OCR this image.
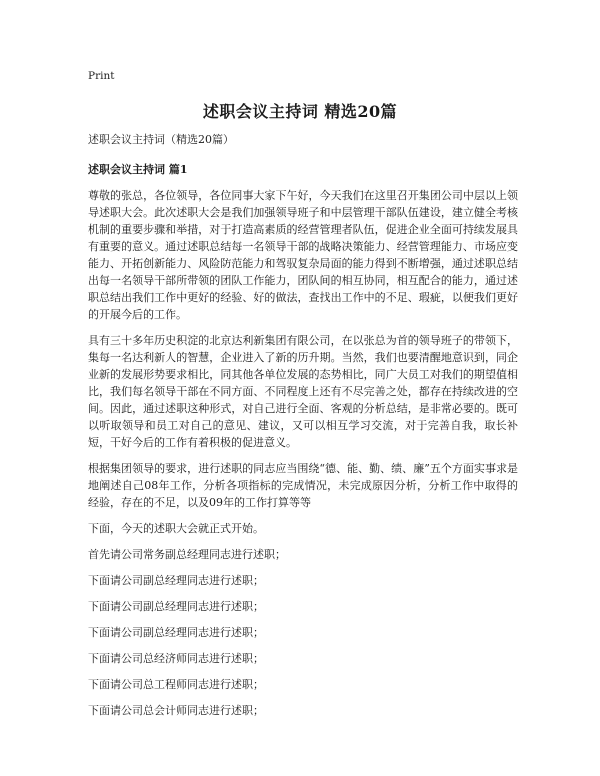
Print
述职会议主持词 精选20篇

述职会议主持词（精选20篇）

述职会议主持词 篇1

尊敬的张总，各位领导，各位同事大家下午好，今天我们在这里召开集团公司中层以上领导述职大会。此次述职大会是我们加强领导班子和中层管理干部队伍建设，建立健全考核机制的重要步骤和举措，对于打造高素质的经营管理者队伍，促进企业全面可持续发展具有重要的意义。通过述职总结每一名领导干部的战略决策能力、经营管理能力、市场应变能力、开拓创新能力、风险防范能力和驾驭复杂局面的能力得到不断增强，通过述职总结出每一名领导干部所带领的团队工作能力，团队间的相互协同，相互配合的能力，通过述职总结出我们工作中更好的经验、好的做法，查找出工作中的不足、瑕疵，以便我们更好的开展今后的工作。

具有三十多年历史积淀的北京达利新集团有限公司，在以张总为首的领导班子的带领下，集每一名达利新人的智慧，企业进入了新的历升期。当然，我们也要清醒地意识到，同企业新的发展形势要求相比，同其他各单位发展的态势相比，同广大员工对我们的期望值相比，我们每名领导干部在不同方面、不同程度上还有不尽完善之处，都存在持续改进的空间。因此，通过述职这种形式，对自己进行全面、客观的分析总结，是非常必要的。既可以听取领导和员工对自己的意见、建议，又可以相互学习交流，对于完善自我，取长补短，干好今后的工作有着积极的促进意义。

根据集团领导的要求，进行述职的同志应当围绕“德、能、勤、绩、廉”五个方面实事求是地阐述自己08年工作，分析各项指标的完成情况，未完成原因分析，分析工作中取得的经验，存在的不足，以及09年的工作打算等等

下面，今天的述职大会就正式开始。

首先请公司常务副总经理同志进行述职；

下面请公司副总经理同志进行述职；

下面请公司副总经理同志进行述职；

下面请公司副总经理同志进行述职；

下面请公司总经济师同志进行述职；

下面请公司总工程师同志进行述职；

下面请公司总会计师同志进行述职；
